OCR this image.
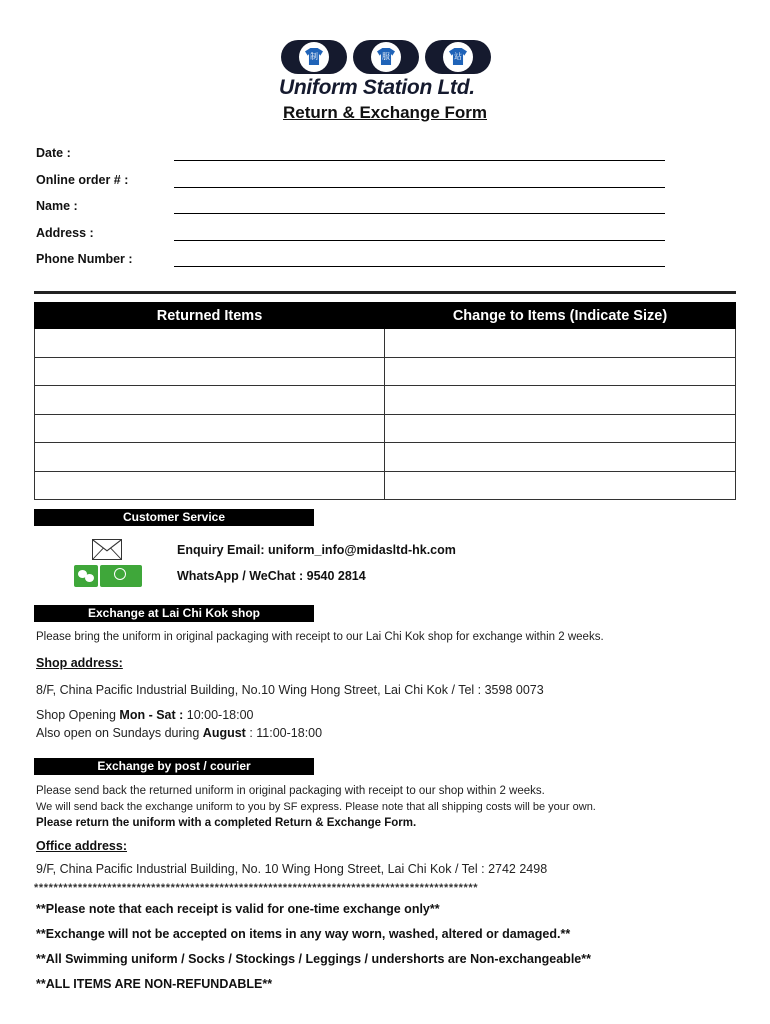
制	服	站
Uniform Station Ltd.
Return & Exchange Form
Date :
Online order # :
Name :
Address :
Phone Number :
Returned Items	Change to Items (Indicate Size)

Customer Service
Enquiry Email: uniform_info@midasltd-hk.com
WhatsApp / WeChat : 9540 2814
Exchange at Lai Chi Kok shop
Please bring the uniform in original packaging with receipt to our Lai Chi Kok shop for exchange within 2 weeks.
Shop address:
8/F, China Pacific Industrial Building, No.10 Wing Hong Street, Lai Chi Kok / Tel : 3598 0073
Shop Opening Mon - Sat : 10:00-18:00
Also open on Sundays during August : 11:00-18:00
Exchange by post / courier
Please send back the returned uniform in original packaging with receipt to our shop within 2 weeks.
We will send back the exchange uniform to you by SF express. Please note that all shipping costs will be your own.
Please return the uniform with a completed Return & Exchange Form.
Office address:
9/F, China Pacific Industrial Building, No. 10 Wing Hong Street, Lai Chi Kok / Tel : 2742 2498
*******************************************************************************************
**Please note that each receipt is valid for one-time exchange only**
**Exchange will not be accepted on items in any way worn, washed, altered or damaged.**
**All Swimming uniform / Socks / Stockings / Leggings / undershorts are Non-exchangeable**
**ALL ITEMS ARE NON-REFUNDABLE**
